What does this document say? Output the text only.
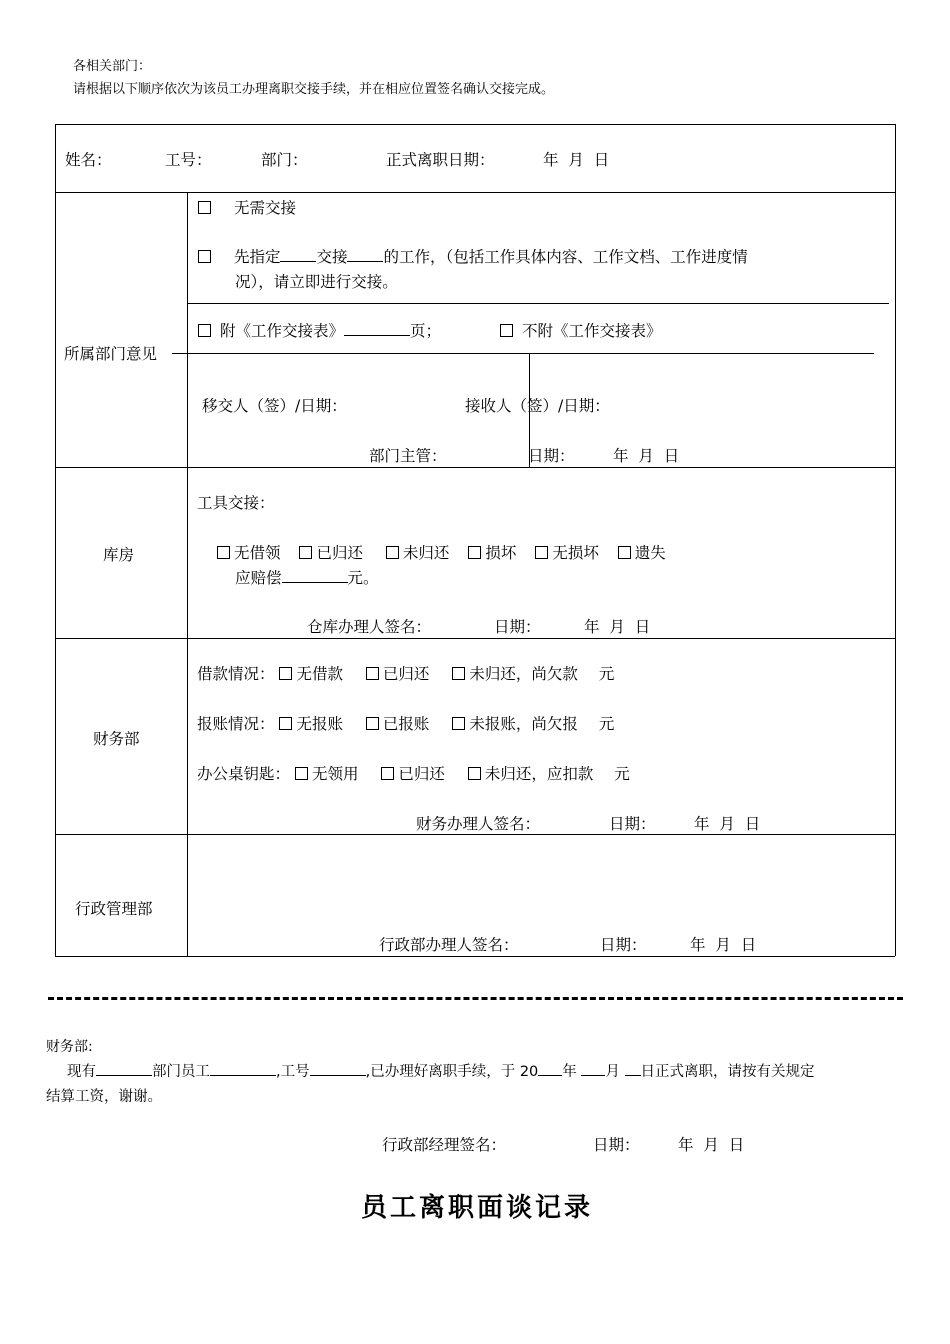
各相关部门：
请根据以下顺序依次为该员工办理离职交接手续，并在相应位置签名确认交接完成。
姓名：	工号：	部门：	正式离职日期：	年  月  日
所属部门意见
无需交接
先指定 交接 的工作，（包括工作具体内容、工作文档、工作进度情
况），请立即进行交接。
附《工作交接表》	页；	不附《工作交接表》
移交人（签）/日期：	接收人（签）/日期：
部门主管：	日期： 年  月  日
库房
工具交接：
无借领 已归还	未归还 损坏 无损坏 遗失
应赔偿	元。
仓库办理人签名：	日期：	年  月  日
财务部
借款情况： 无借款	已归还	未归还，尚欠款 元
报账情况： 无报账	已报账	未报账，尚欠报 元
办公桌钥匙： 无领用	已归还	未归还，应扣款 元
财务办理人签名：	日期： 年  月  日
行政管理部
行政部办理人签名：	日期：	年  月  日
财务部:
现有	部门员工	,工号	,已办理好离职手续，于 20 年 月 日正式离职，请按有关规定
结算工资，谢谢。
行政部经理签名：	日期： 年  月  日
员工离职面谈记录
